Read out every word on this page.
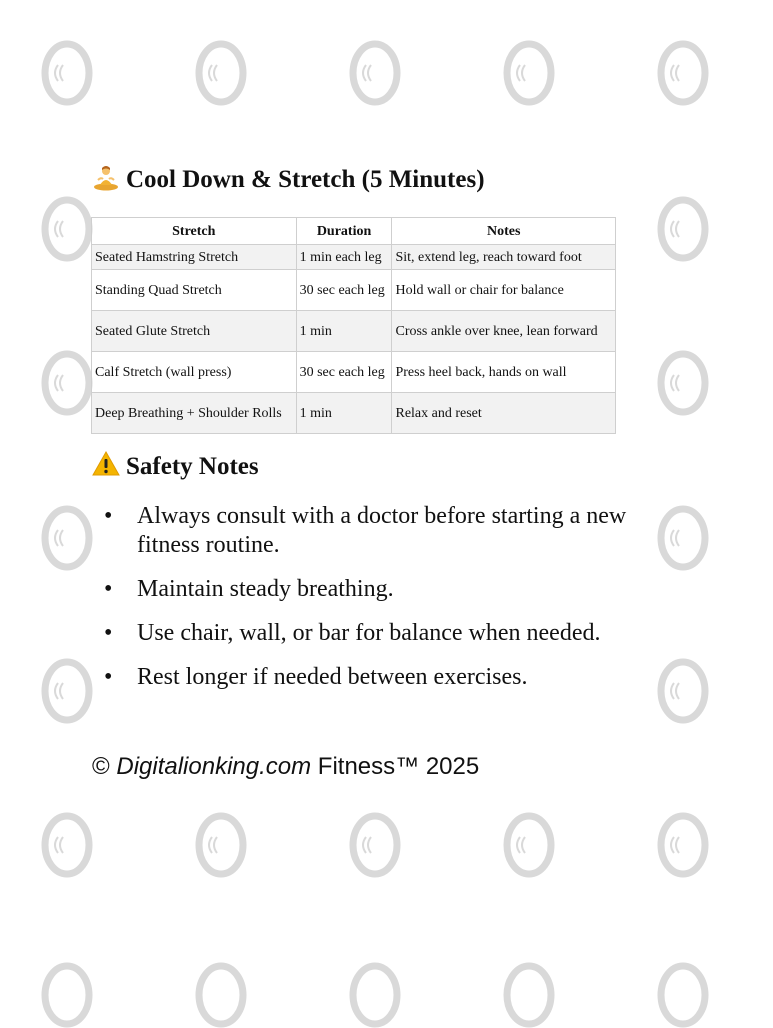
Cool Down & Stretch (5 Minutes)
Stretch	Duration	Notes
Seated Hamstring Stretch	1 min each leg	Sit, extend leg, reach toward foot
Standing Quad Stretch	30 sec each leg	Hold wall or chair for balance
Seated Glute Stretch	1 min	Cross ankle over knee, lean forward
Calf Stretch (wall press)	30 sec each leg	Press heel back, hands on wall
Deep Breathing + Shoulder Rolls	1 min	Relax and reset
Safety Notes
• Always consult with a doctor before starting a new fitness routine.
• Maintain steady breathing.
• Use chair, wall, or bar for balance when needed.
• Rest longer if needed between exercises.
© Digitalionking.com Fitness™ 2025
